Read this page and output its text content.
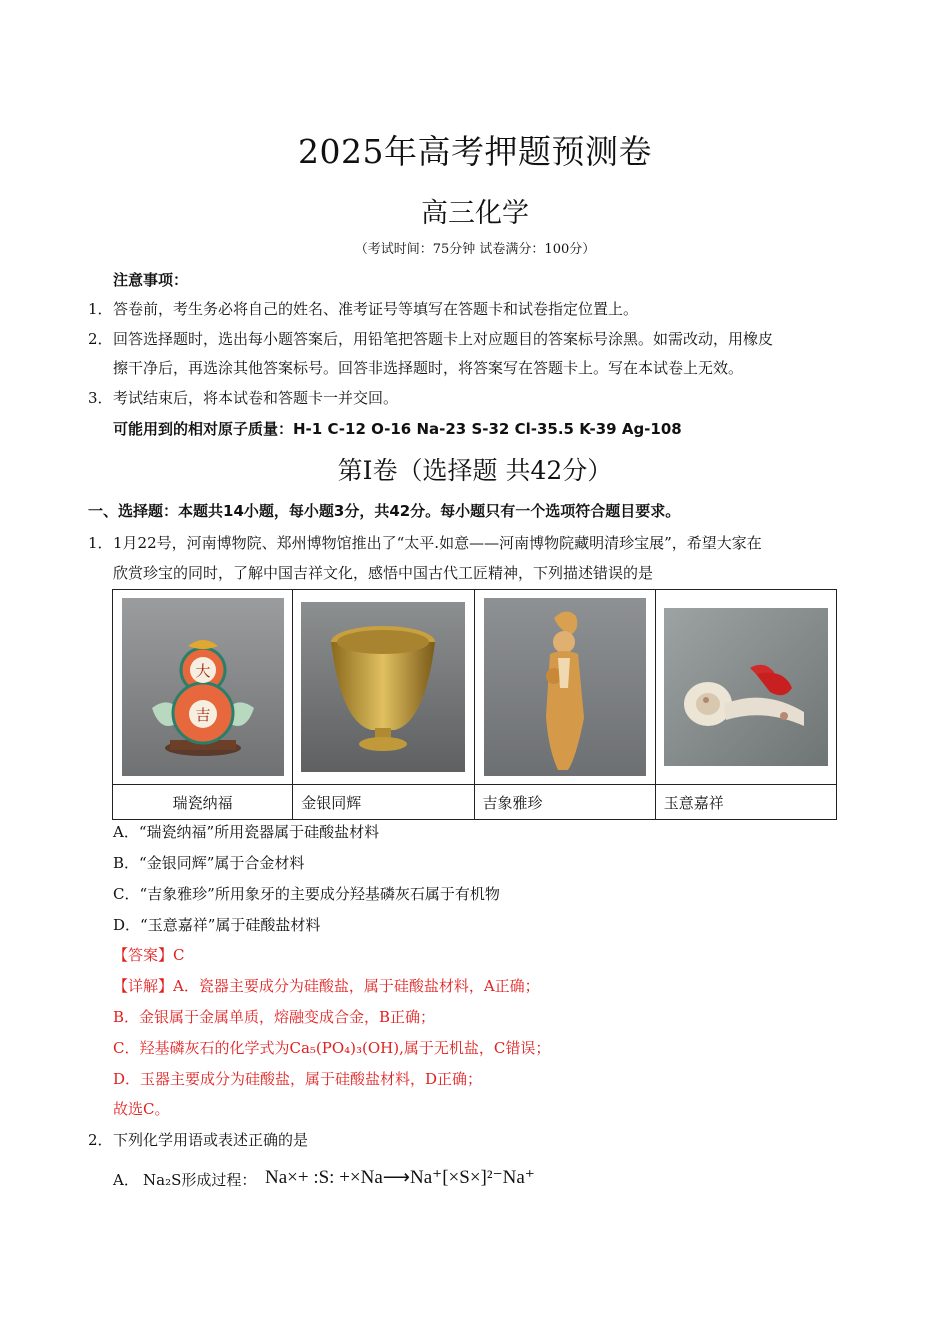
2025年高考押题预测卷
高三化学
（考试时间：75分钟 试卷满分：100分）
注意事项：
1． 答卷前，考生务必将自己的姓名、准考证号等填写在答题卡和试卷指定位置上。
2． 回答选择题时，选出每小题答案后，用铅笔把答题卡上对应题目的答案标号涂黑。如需改动，用橡皮
擦干净后，再选涂其他答案标号。回答非选择题时，将答案写在答题卡上。写在本试卷上无效。
3． 考试结束后，将本试卷和答题卡一并交回。
可能用到的相对原子质量：H-1 C-12 O-16 Na-23 S-32 Cl-35.5 K-39 Ag-108
第Ⅰ卷（选择题 共42分）
一、选择题：本题共14小题，每小题3分，共42分。每小题只有一个选项符合题目要求。
1． 1月22号，河南博物院、郑州博物馆推出了“太平.如意——河南博物院藏明清珍宝展”，希望大家在
欣赏珍宝的同时，了解中国吉祥文化，感悟中国古代工匠精神，下列描述错误的是
大
吉

瑞瓷纳福	金银同辉	吉象雅珍	玉意嘉祥
A．“瑞瓷纳福”所用瓷器属于硅酸盐材料
B．“金银同辉”属于合金材料
C．“吉象雅珍”所用象牙的主要成分羟基磷灰石属于有机物
D．“玉意嘉祥”属于硅酸盐材料
【答案】C
【详解】A．瓷器主要成分为硅酸盐，属于硅酸盐材料，A正确；
B．金银属于金属单质，熔融变成合金，B正确；
C．羟基磷灰石的化学式为Ca₅(PO₄)₃(OH),属于无机盐，C错误；
D．玉器主要成分为硅酸盐，属于硅酸盐材料，D正确；
故选C。
2． 下列化学用语或表述正确的是
A． Na₂S形成过程： Na×+ :S: +×Na⟶Na⁺[×S×]²⁻Na⁺
